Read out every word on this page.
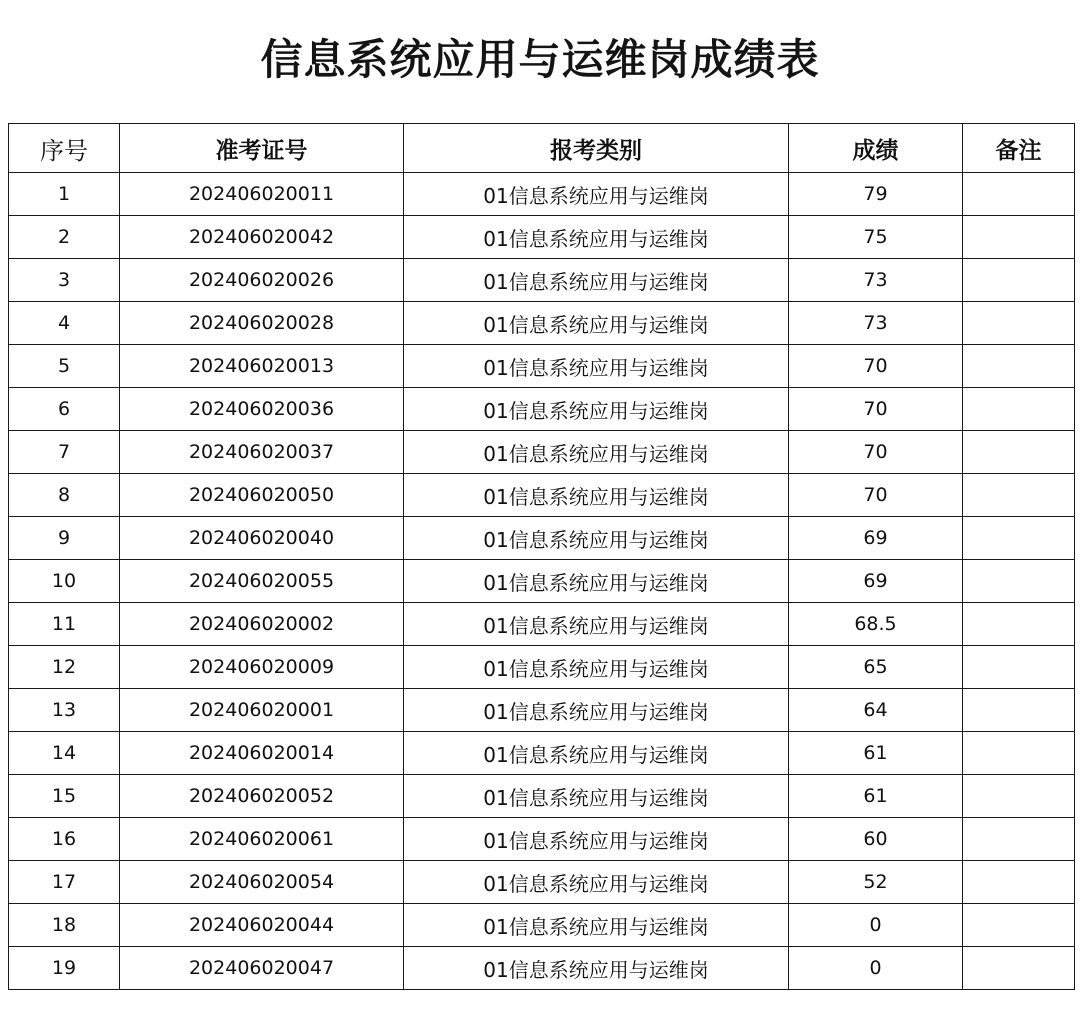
信息系统应用与运维岗成绩表
序号	准考证号	报考类别	成绩	备注
1	202406020011	01信息系统应用与运维岗	79	
2	202406020042	01信息系统应用与运维岗	75	
3	202406020026	01信息系统应用与运维岗	73	
4	202406020028	01信息系统应用与运维岗	73	
5	202406020013	01信息系统应用与运维岗	70	
6	202406020036	01信息系统应用与运维岗	70	
7	202406020037	01信息系统应用与运维岗	70	
8	202406020050	01信息系统应用与运维岗	70	
9	202406020040	01信息系统应用与运维岗	69	
10	202406020055	01信息系统应用与运维岗	69	
11	202406020002	01信息系统应用与运维岗	68.5	
12	202406020009	01信息系统应用与运维岗	65	
13	202406020001	01信息系统应用与运维岗	64	
14	202406020014	01信息系统应用与运维岗	61	
15	202406020052	01信息系统应用与运维岗	61	
16	202406020061	01信息系统应用与运维岗	60	
17	202406020054	01信息系统应用与运维岗	52	
18	202406020044	01信息系统应用与运维岗	0	
19	202406020047	01信息系统应用与运维岗	0	
